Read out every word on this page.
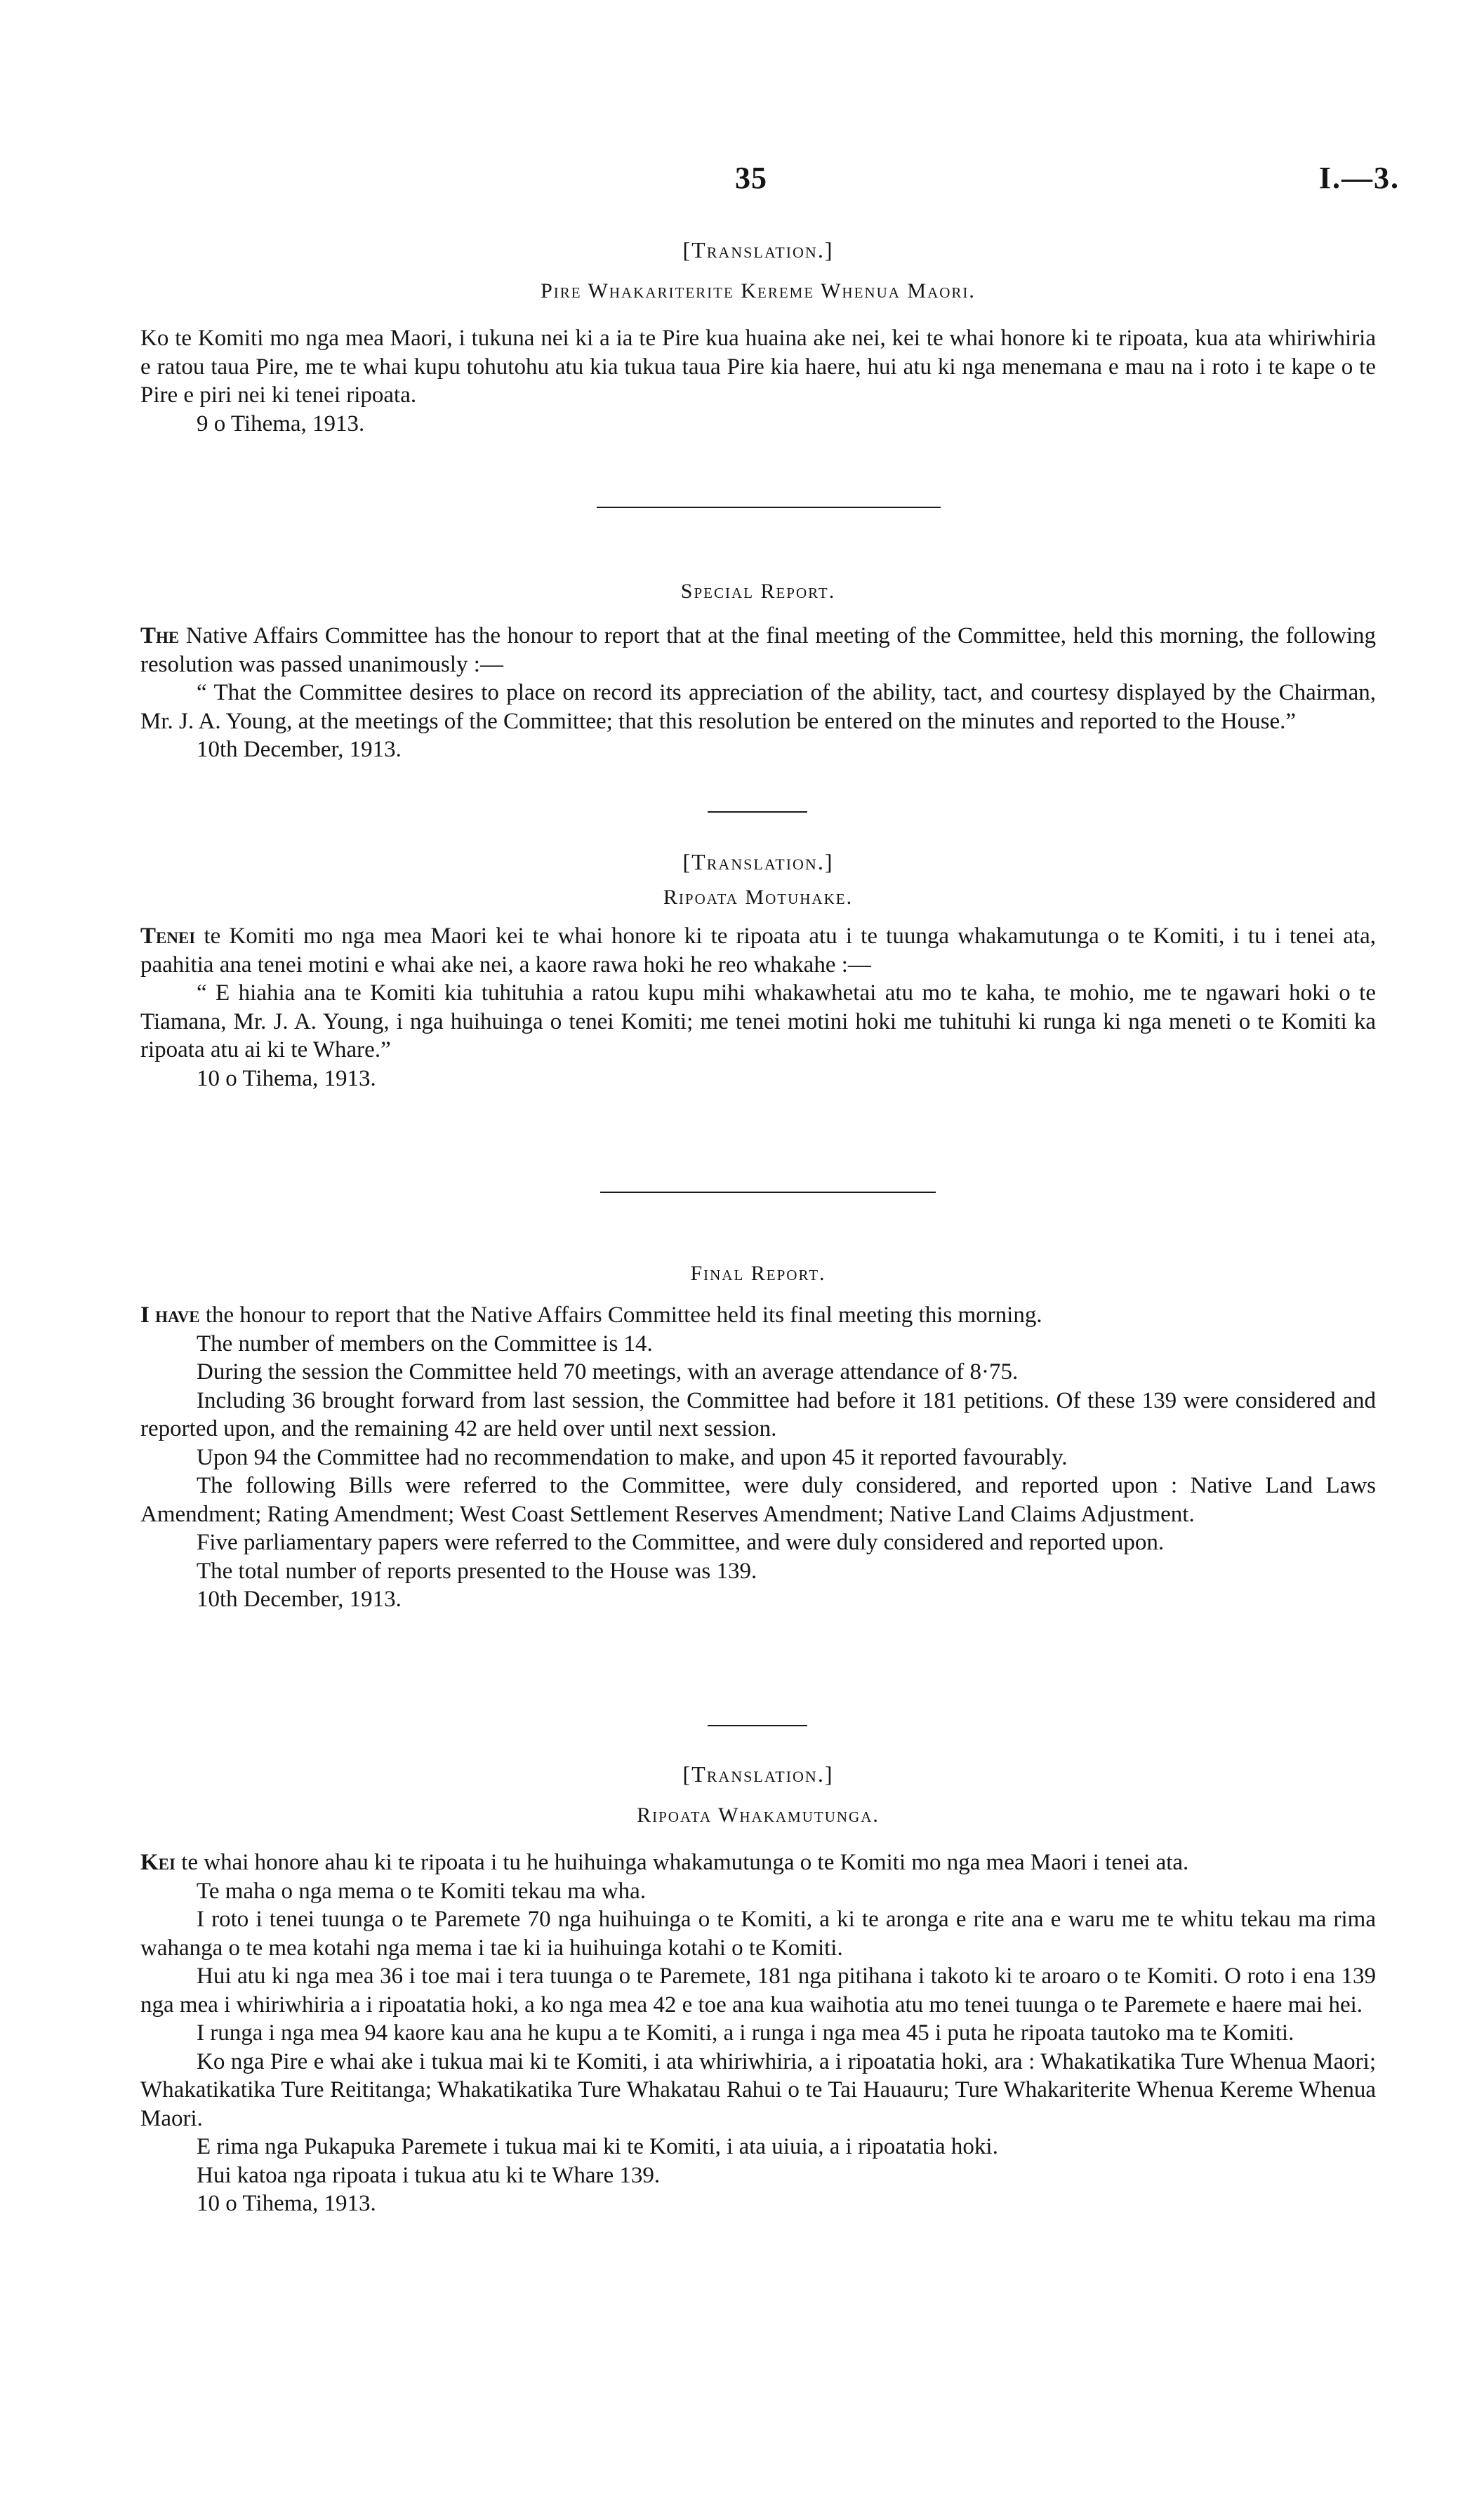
35	I.—3.
[Translation.]
Pire Whakariterite Kereme Whenua Maori.

Ko te Komiti mo nga mea Maori, i tukuna nei ki a ia te Pire kua huaina ake nei, kei te whai honore ki te ripoata, kua ata whiriwhiria e ratou taua Pire, me te whai kupu tohutohu atu kia tukua taua Pire kia haere, hui atu ki nga menemana e mau na i roto i te kape o te Pire e piri nei ki tenei ripoata.

9 o Tihema, 1913.

Special Report.

The Native Affairs Committee has the honour to report that at the final meeting of the Committee, held this morning, the following resolution was passed unanimously :—

“ That the Committee desires to place on record its appreciation of the ability, tact, and courtesy displayed by the Chairman, Mr. J. A. Young, at the meetings of the Committee; that this resolution be entered on the minutes and reported to the House.”

10th December, 1913.

[Translation.]
Ripoata Motuhake.

Tenei te Komiti mo nga mea Maori kei te whai honore ki te ripoata atu i te tuunga whakamutunga o te Komiti, i tu i tenei ata, paahitia ana tenei motini e whai ake nei, a kaore rawa hoki he reo whakahe :—

“ E hiahia ana te Komiti kia tuhituhia a ratou kupu mihi whakawhetai atu mo te kaha, te mohio, me te ngawari hoki o te Tiamana, Mr. J. A. Young, i nga huihuinga o tenei Komiti; me tenei motini hoki me tuhituhi ki runga ki nga meneti o te Komiti ka ripoata atu ai ki te Whare.”

10 o Tihema, 1913.

Final Report.

I have the honour to report that the Native Affairs Committee held its final meeting this morning.

The number of members on the Committee is 14.

During the session the Committee held 70 meetings, with an average attendance of 8·75.

Including 36 brought forward from last session, the Committee had before it 181 petitions. Of these 139 were considered and reported upon, and the remaining 42 are held over until next session.

Upon 94 the Committee had no recommendation to make, and upon 45 it reported favourably.

The following Bills were referred to the Committee, were duly considered, and reported upon : Native Land Laws Amendment; Rating Amendment; West Coast Settlement Reserves Amendment; Native Land Claims Adjustment.

Five parliamentary papers were referred to the Committee, and were duly considered and reported upon.

The total number of reports presented to the House was 139.

10th December, 1913.

[Translation.]
Ripoata Whakamutunga.

Kei te whai honore ahau ki te ripoata i tu he huihuinga whakamutunga o te Komiti mo nga mea Maori i tenei ata.

Te maha o nga mema o te Komiti tekau ma wha.

I roto i tenei tuunga o te Paremete 70 nga huihuinga o te Komiti, a ki te aronga e rite ana e waru me te whitu tekau ma rima wahanga o te mea kotahi nga mema i tae ki ia huihuinga kotahi o te Komiti.

Hui atu ki nga mea 36 i toe mai i tera tuunga o te Paremete, 181 nga pitihana i takoto ki te aroaro o te Komiti. O roto i ena 139 nga mea i whiriwhiria a i ripoatatia hoki, a ko nga mea 42 e toe ana kua waihotia atu mo tenei tuunga o te Paremete e haere mai hei.

I runga i nga mea 94 kaore kau ana he kupu a te Komiti, a i runga i nga mea 45 i puta he ripoata tautoko ma te Komiti.

Ko nga Pire e whai ake i tukua mai ki te Komiti, i ata whiriwhiria, a i ripoatatia hoki, ara : Whakatikatika Ture Whenua Maori; Whakatikatika Ture Reititanga; Whakatikatika Ture Whakatau Rahui o te Tai Hauauru; Ture Whakariterite Whenua Kereme Whenua Maori.

E rima nga Pukapuka Paremete i tukua mai ki te Komiti, i ata uiuia, a i ripoatatia hoki.

Hui katoa nga ripoata i tukua atu ki te Whare 139.

10 o Tihema, 1913.
